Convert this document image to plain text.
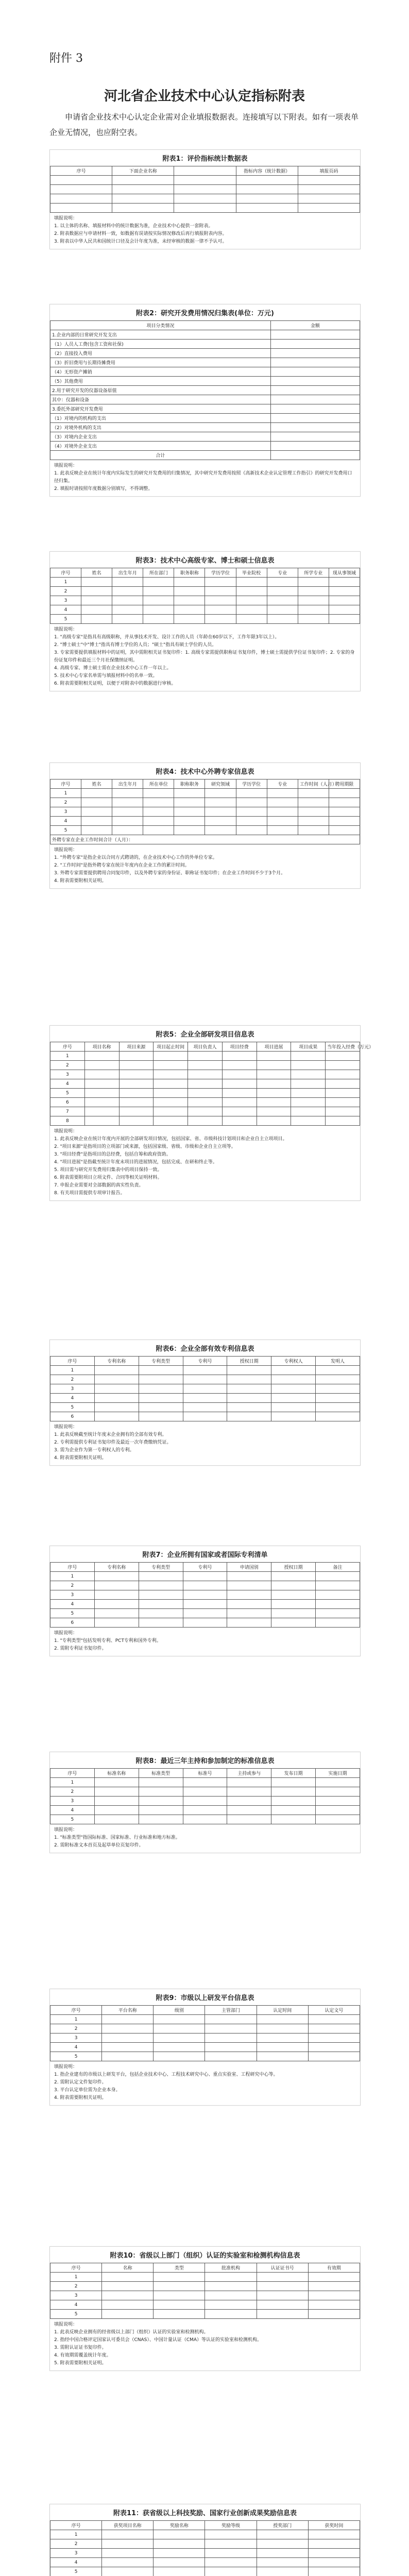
附件 3
河北省企业技术中心认定指标附表
申请省企业技术中心认定企业需对企业填报数据表。连接填写以下附表。如有一项表单企业无情况，也应附空表。
附表1：评价指标统计数据表
序号	下面企业名称		指标内容（统计数据）	填报页码

填报说明：
1. 以主体的名称、填报材料中的统计数据为准，企业技术中心提供一套附表。
2. 附表数据应与申请材料一致，如数据有误请按实际情况修改后再行填报附表内容。
3. 附表以中华人民共和国统计口径及会计年度为准，未经审核的数据一律不予认可。
附表2：研究开发费用情况归集表(单位：万元)
项目分类情况	金额
1.企业内部的日常研究开发支出	
（1）人员人工费(包含工资和社保)	
（2）直接投入费用	
（3）折旧费用与长期待摊费用	
（4）无形资产摊销	
（5）其他费用	
2.用于研究开发的仪器设备原值	
其中：仪器和设备	
3.委托外部研究开发费用	
（1）对境内的机构的支出	
（2）对境外机构的支出	
（3）对境内企业支出	
（4）对境外企业支出	
合计	
填报说明：
1. 此表反映企业在统计年度内实际发生的研究开发费用的归集情况，其中研究开发费用按照《高新技术企业认定管理工作指引》的研究开发费用口径归集。
2. 填报时请按照年度数据分别填写，不得调整。
附表3：技术中心高级专家、博士和硕士信息表
序号	姓名	出生年月	所在部门	职务职称	学历学位	毕业院校	专业	所学专业	现从事领域
1									
2									
3									
4									
5									
填报说明：
1. "高级专家"是指具有高级职称，并从事技术开发、设计工作的人员（年龄在60岁以下，工作年限3年以上）。
2. "博士硕士"中"博士"指具有博士学位的人员；"硕士"指具有硕士学位的人员。
3. 专家需要提供填报材料中的证明，其中需附相关证书复印件：1. 高级专家需提供职称证书复印件，博士硕士需提供学位证书复印件；2. 专家的身份证复印件和最近三个月社保缴纳证明。
4. 高级专家、博士硕士需在企业技术中心工作一年以上。
5. 技术中心专家名单需与填报材料中的名单一致。
6. 附表需要附相关证明，以便于对附表中的数据进行审核。
附表4：技术中心外聘专家信息表
序号	姓名	出生年月	所在单位	职称职务	研究领域	学历学位	专业	工作时间（人月）	聘用期限
1									
2									
3									
4									
5									
外聘专家在企业工作时间合计（人月）：									
填报说明：
1. "外聘专家"是指企业以合同方式聘请的，在企业技术中心工作的外单位专家。
2. "工作时间"是指外聘专家在统计年度内在企业工作的累计时间。
3. 外聘专家需要提供聘用合同复印件，以及外聘专家的身份证、职称证书复印件；在企业工作时间不少于3个月。
4. 附表需要附相关证明。
附表5：企业全部研发项目信息表
序号	项目名称	项目来源	项目起止时间	项目负责人	项目经费	项目进展	项目成果	当年投入经费（万元）
1								
2								
3								
4								
5								
6								
7								
8								
填报说明：
1. 此表反映企业在统计年度内开展的全部研发项目情况，包括国家、省、市级科技计划项目和企业自主立项项目。
2. "项目来源"是指项目的立项部门或来源，包括国家级、省级、市级和企业自主立项等。
3. "项目经费"是指项目的总经费，包括自筹和政府资助。
4. "项目进展"是指截至统计年度末项目的进展情况，包括完成、在研和终止等。
5. 项目需与研究开发费用归集表中的项目保持一致。
6. 附表需要附项目立项文件、合同等相关证明材料。
7. 申报企业需要对全部数据的真实性负责。
8. 有关项目需提供专项审计报告。
附表6：企业全部有效专利信息表
序号	专利名称	专利类型	专利号	授权日期	专利权人	发明人
1						
2						
3						
4						
5						
6						
填报说明：
1. 此表反映截至统计年度末企业拥有的全部有效专利。
2. 专利需提供专利证书复印件及最近一次年费缴纳凭证。
3. 需为企业作为第一专利权人的专利。
4. 附表需要附相关证明。
附表7：企业所拥有国家或者国际专利清单
序号	专利名称	专利类型	专利号	申请国别	授权日期	备注
1						
2						
3						
4						
5						
6						
填报说明：
1. "专利类型"包括发明专利、PCT专利和国外专利。
2. 需附专利证书复印件。
附表8：最近三年主持和参加制定的标准信息表
序号	标准名称	标准类型	标准号	主持或参与	发布日期	实施日期
1						
2						
3						
4						
5						
填报说明：
1. "标准类型"指国际标准、国家标准、行业标准和地方标准。
2. 需附标准文本首页及起草单位页复印件。
附表9：市级以上研发平台信息表
序号	平台名称	级别	主管部门	认定时间	认定文号
1					
2					
3					
4					
5					
填报说明：
1. 指企业建有的市级以上研发平台，包括企业技术中心、工程技术研究中心、重点实验室、工程研究中心等。
2. 需附认定文件复印件。
3. 平台认定单位需为企业本身。
4. 附表需要附相关证明。
附表10：省级以上部门（组织）认证的实验室和检测机构信息表
序号	名称	类型	批准机构	认证证书号	有效期
1					
2					
3					
4					
5					
填报说明：
1. 此表反映企业拥有的经省级以上部门（组织）认证的实验室和检测机构。
2. 指经中国合格评定国家认可委员会（CNAS）、中国计量认证（CMA）等认证的实验室和检测机构。
3. 需附认证证书复印件。
4. 有效期需覆盖统计年度。
5. 附表需要附相关证明。
附表11：获省级以上科技奖励、国家行业创新成果奖励信息表
序号	获奖项目名称	奖励名称	奖励等级	授奖部门	获奖时间
1					
2					
3					
4					
5					
